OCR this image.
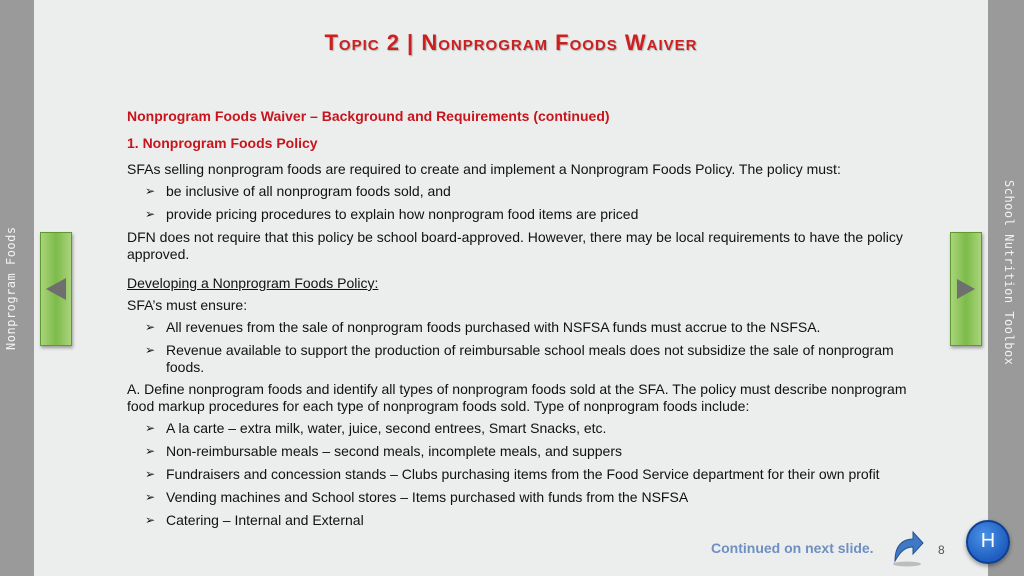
Nonprogram Foods	School Nutrition Toolbox
Topic 2 | Nonprogram Foods Waiver

Nonprogram Foods Waiver – Background and Requirements (continued)

1. Nonprogram Foods Policy

SFAs selling nonprogram foods are required to create and implement a Nonprogram Foods Policy. The policy must:

➢ be inclusive of all nonprogram foods sold, and
➢ provide pricing procedures to explain how nonprogram food items are priced

DFN does not require that this policy be school board-approved. However, there may be local requirements to have the policy approved.

Developing a Nonprogram Foods Policy:

SFA’s must ensure:

➢ All revenues from the sale of nonprogram foods purchased with NSFSA funds must accrue to the NSFSA.
➢ Revenue available to support the production of reimbursable school meals does not subsidize the sale of nonprogram foods.

A. Define nonprogram foods and identify all types of nonprogram foods sold at the SFA. The policy must describe nonprogram food markup procedures for each type of nonprogram foods sold. Type of nonprogram foods include:

➢ A la carte – extra milk, water, juice, second entrees, Smart Snacks, etc.
➢ Non-reimbursable meals – second meals, incomplete meals, and suppers
➢ Fundraisers and concession stands – Clubs purchasing items from the Food Service department for their own profit
➢ Vending machines and School stores – Items purchased with funds from the NSFSA
➢ Catering – Internal and External
Continued on next slide.	8	H
